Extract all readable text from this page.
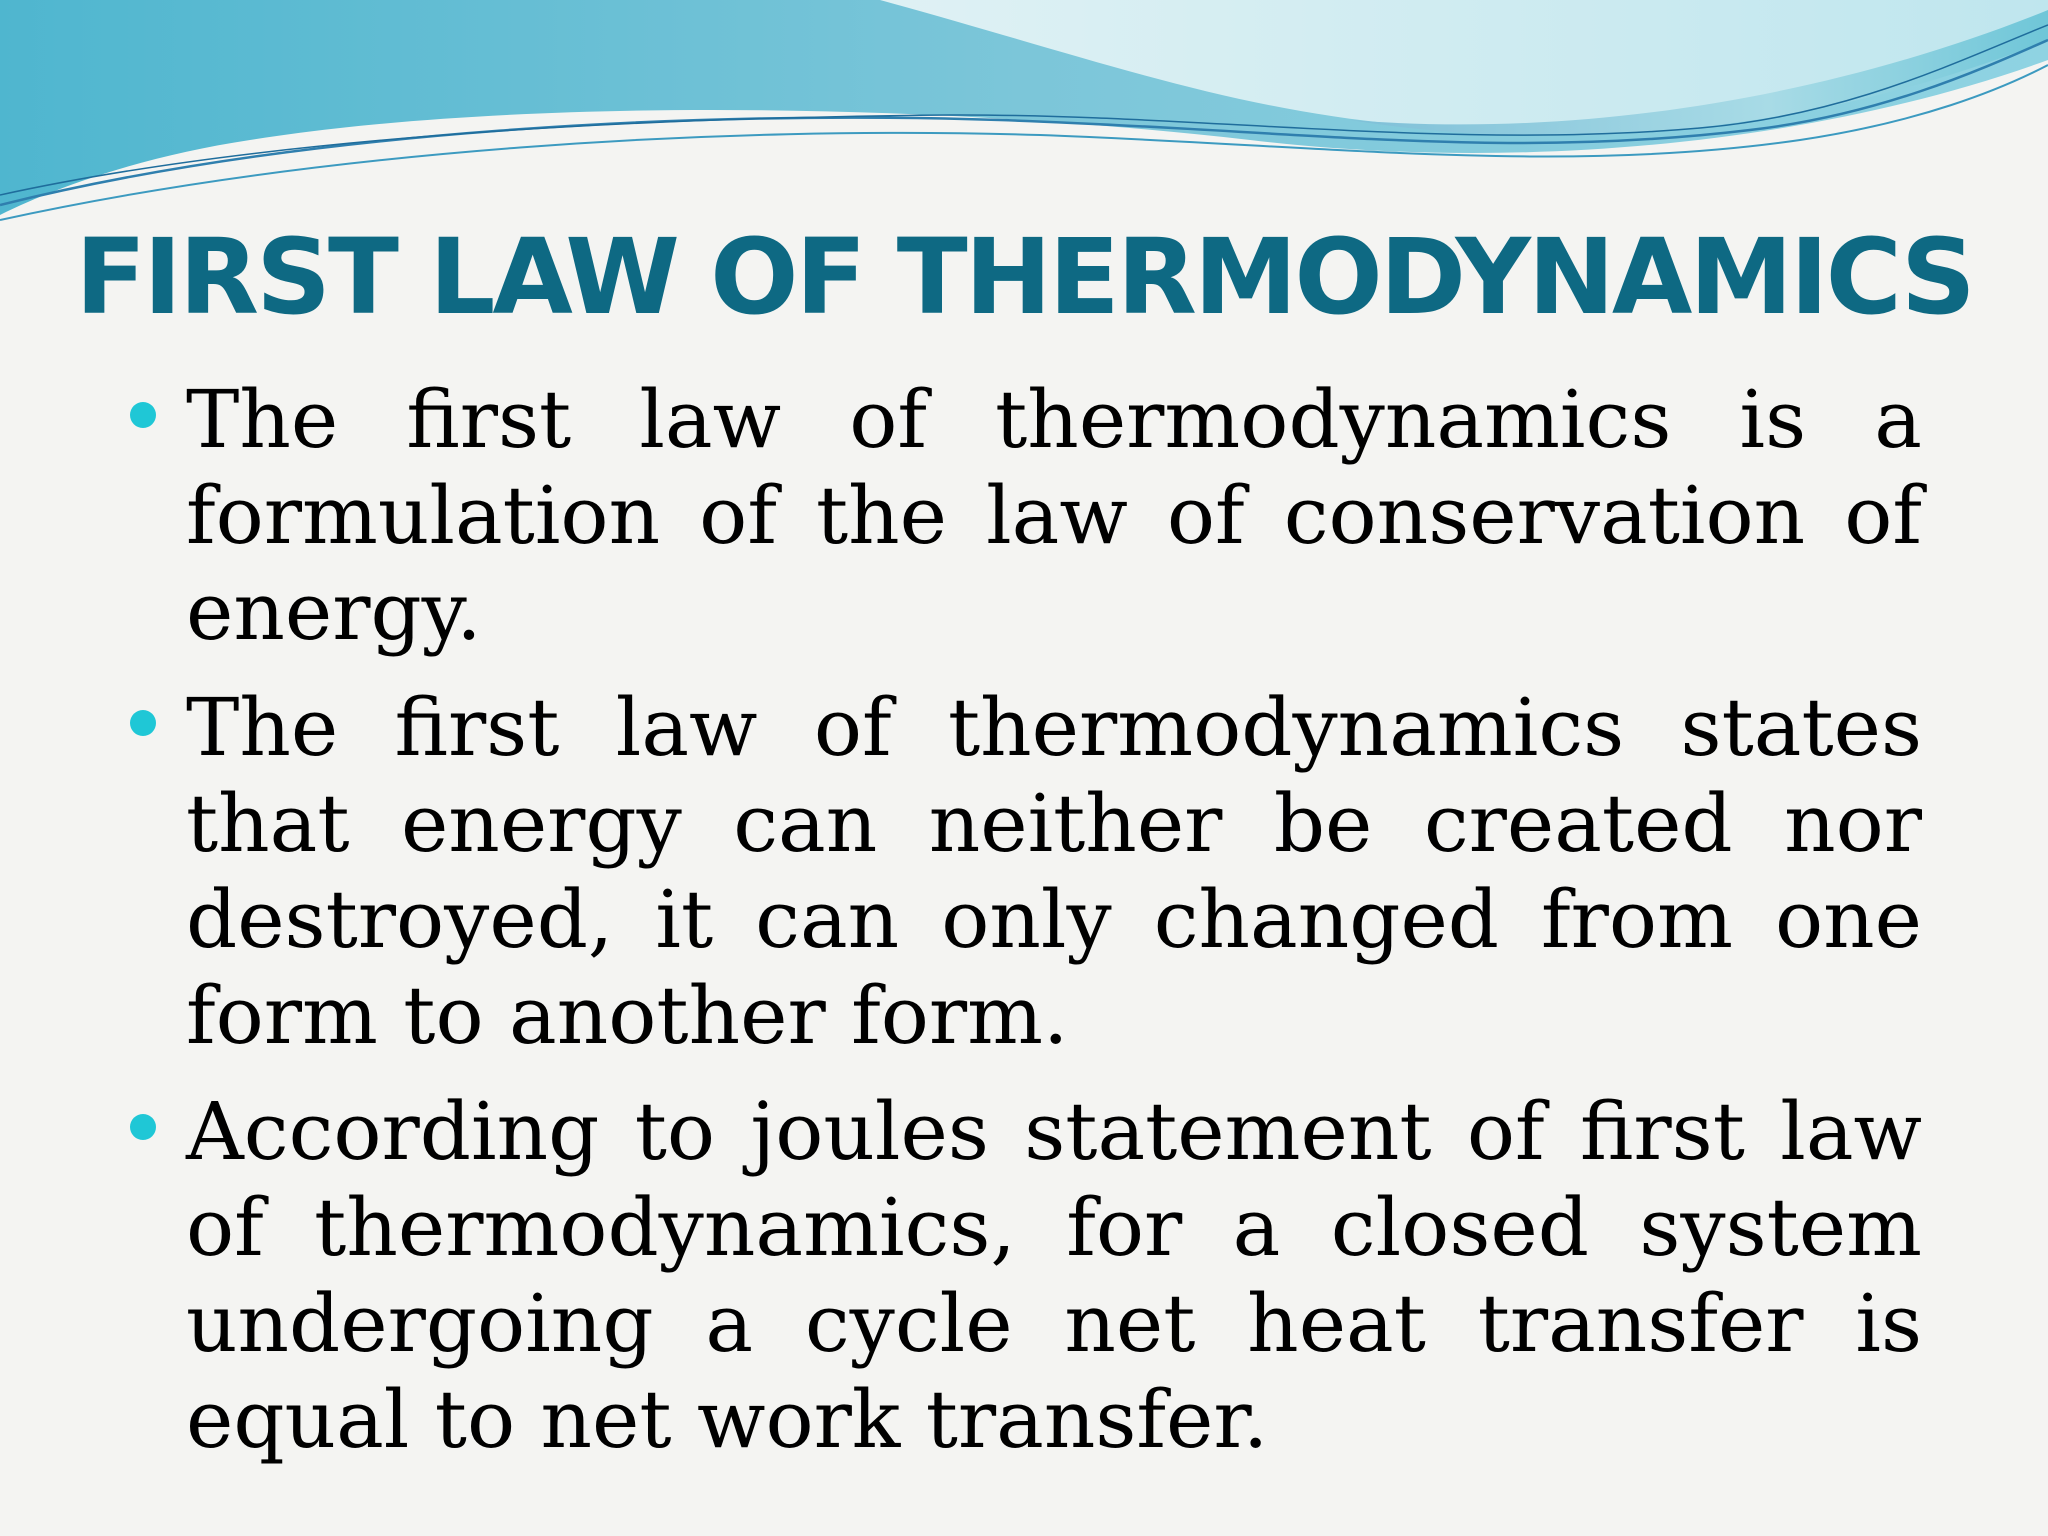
FIRST LAW OF THERMODYNAMICS
The first law of thermodynamics is a formulation of the law of conservation of energy.
The first law of thermodynamics states that energy can neither be created nor destroyed, it can only changed from one form to another form.
According to joules statement of first law of thermodynamics, for a closed system undergoing a cycle net heat transfer is equal to net work transfer.
